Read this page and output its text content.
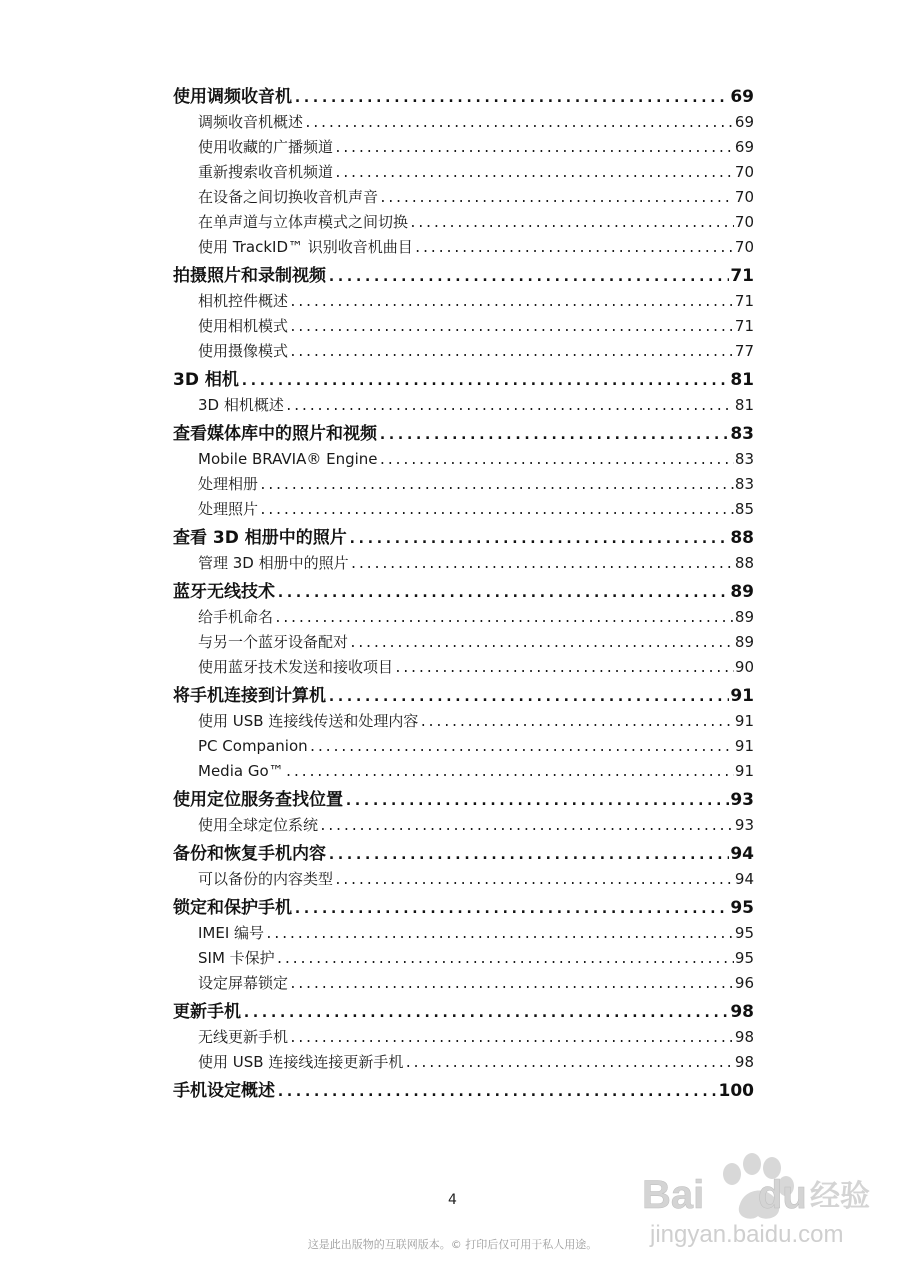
使用调频收音机 .....	69
调频收音机概述 .....	69
使用收藏的广播频道 .....	69
重新搜索收音机频道 .....	70
在设备之间切换收音机声音 .....	70
在单声道与立体声模式之间切换 .....	70
使用 TrackID™ 识别收音机曲目 .....	70
拍摄照片和录制视频 .....	71
相机控件概述 .....	71
使用相机模式 .....	71
使用摄像模式 .....	77
3D 相机 .....	81
3D 相机概述 .....	81
查看媒体库中的照片和视频 .....	83
Mobile BRAVIA® Engine .....	83
处理相册 .....	83
处理照片 .....	85
查看 3D 相册中的照片 .....	88
管理 3D 相册中的照片 .....	88
蓝牙无线技术 .....	89
给手机命名 .....	89
与另一个蓝牙设备配对 .....	89
使用蓝牙技术发送和接收项目 .....	90
将手机连接到计算机 .....	91
使用 USB 连接线传送和处理内容 .....	91
PC Companion .....	91
Media Go™ .....	91
使用定位服务查找位置 .....	93
使用全球定位系统 .....	93
备份和恢复手机内容 .....	94
可以备份的内容类型 .....	94
锁定和保护手机 .....	95
IMEI 编号 .....	95
SIM 卡保护 .....	95
设定屏幕锁定 .....	96
更新手机 .....	98
无线更新手机 .....	98
使用 USB 连接线连接更新手机 .....	98
手机设定概述 .....	100
4
这是此出版物的互联网版本。© 打印后仅可用于私人用途。
Bai du 经验
jingyan.baidu.com
